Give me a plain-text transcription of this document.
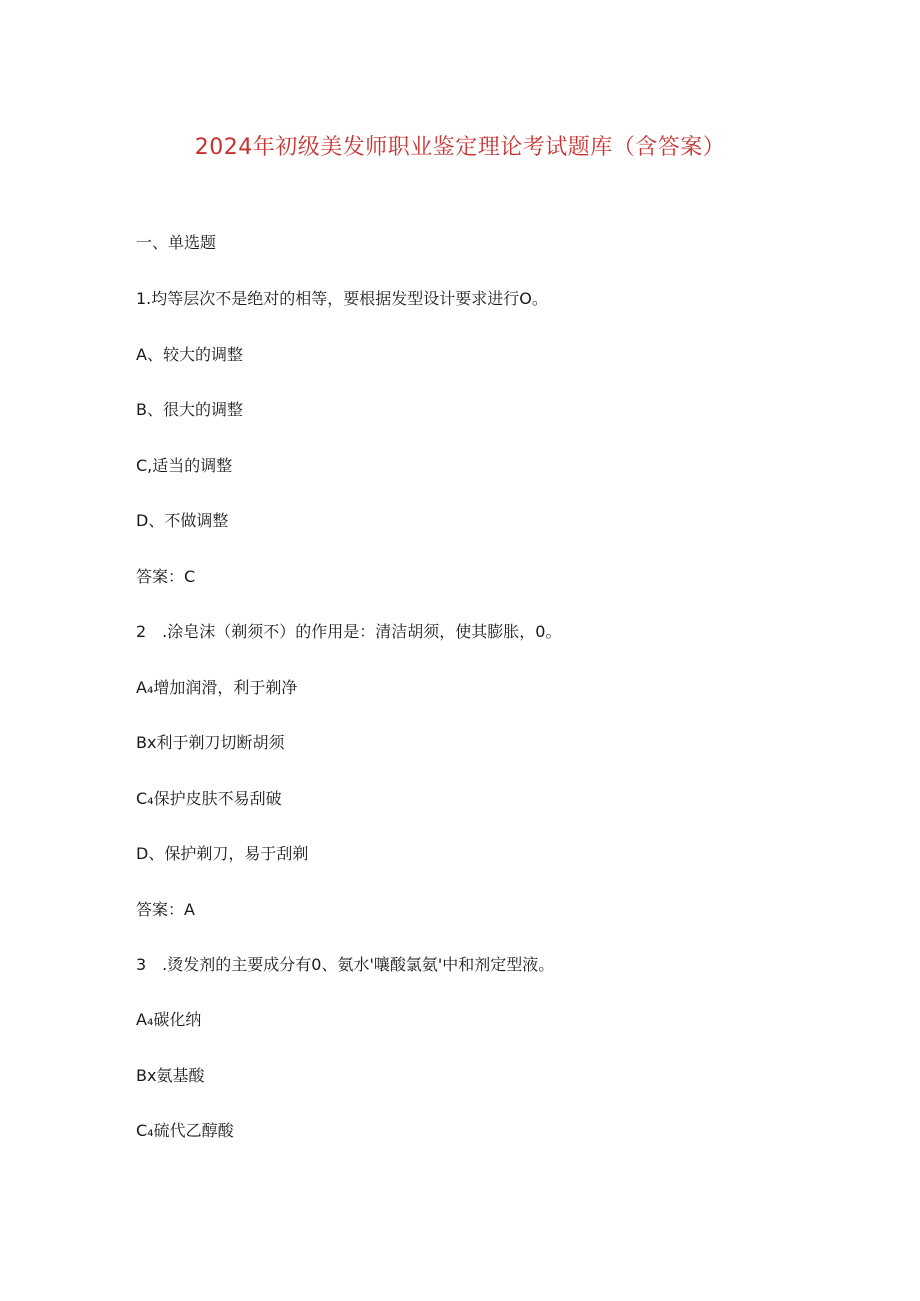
2024年初级美发师职业鉴定理论考试题库（含答案）
一、单选题
1.均等层次不是绝对的相等，要根据发型设计要求进行O。
A、较大的调整
B、很大的调整
C,适当的调整
D、不做调整
答案：C
2　.涂皂沫（剃须不）的作用是：清洁胡须，使其膨胀，0。
A₄增加润滑，利于剃净
Bx利于剃刀切断胡须
C₄保护皮肤不易刮破
D、保护剃刀，易于刮剃
答案：A
3　.烫发剂的主要成分有0、氨水'嚷酸氯氨'中和剂定型液。
A₄碳化纳
Bx氨基酸
C₄硫代乙醇酸
